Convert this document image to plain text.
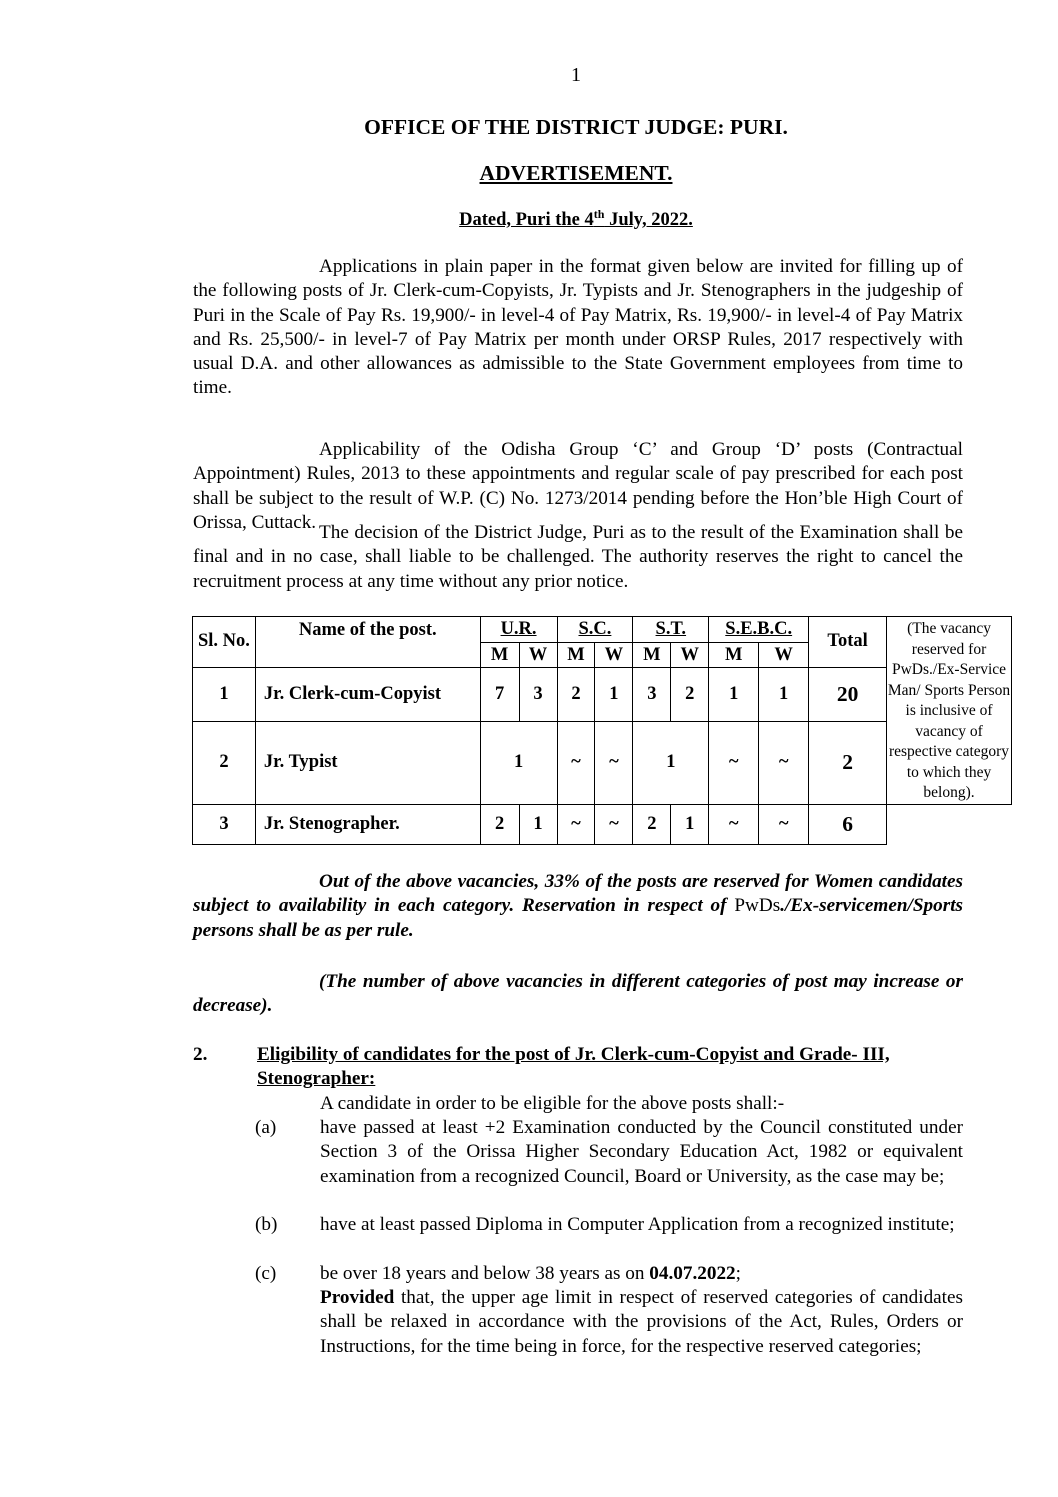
1
OFFICE OF THE DISTRICT JUDGE: PURI.
ADVERTISEMENT.
Dated, Puri the 4th July, 2022.
Applications in plain paper in the format given below are invited for filling up of the following posts of Jr. Clerk-cum-Copyists, Jr. Typists and Jr. Stenographers in the judgeship of Puri in the Scale of Pay Rs. 19,900/- in level-4 of Pay Matrix, Rs. 19,900/- in level-4 of Pay Matrix and Rs. 25,500/- in level-7 of Pay Matrix per month under ORSP Rules, 2017 respectively with usual D.A. and other allowances as admissible to the State Government employees from time to time.
Applicability of the Odisha Group ‘C’ and Group ‘D’ posts (Contractual Appointment) Rules, 2013 to these appointments and regular scale of pay prescribed for each post shall be subject to the result of W.P. (C) No. 1273/2014 pending before the Hon’ble High Court of Orissa, Cuttack. The decision of the District Judge, Puri as to the result of the Examination shall be final and in no case, shall liable to be challenged. The authority reserves the right to cancel the recruitment process at any time without any prior notice.
Sl. No.	Name of the post.	U.R.		S.C.		S.T.		S.E.B.C.		Total	(The vacancy reserved for PwDs./Ex-Service Man/ Sports Person is inclusive of vacancy of respective category to which they belong).
		M	W	M	W	M	W	M	W		
1	Jr. Clerk-cum-Copyist	7	3	2	1	3	2	1	1	20	
2	Jr. Typist	1		~	~	1		~	~	2	
3	Jr. Stenographer.	2	1	~	~	2	1	~	~	6	
Out of the above vacancies, 33% of the posts are reserved for Women candidates subject to availability in each category. Reservation in respect of PwDs./Ex-servicemen/Sports persons shall be as per rule.
(The number of above vacancies in different categories of post may increase or decrease).
2.	Eligibility of candidates for the post of Jr. Clerk-cum-Copyist and Grade- III, Stenographer:
A candidate in order to be eligible for the above posts shall:-
(a) have passed at least +2 Examination conducted by the Council constituted under Section 3 of the Orissa Higher Secondary Education Act, 1982 or equivalent examination from a recognized Council, Board or University, as the case may be;
(b) have at least passed Diploma in Computer Application from a recognized institute;
(c) be over 18 years and below 38 years as on 04.07.2022;
Provided that, the upper age limit in respect of reserved categories of candidates shall be relaxed in accordance with the provisions of the Act, Rules, Orders or Instructions, for the time being in force, for the respective reserved categories;
